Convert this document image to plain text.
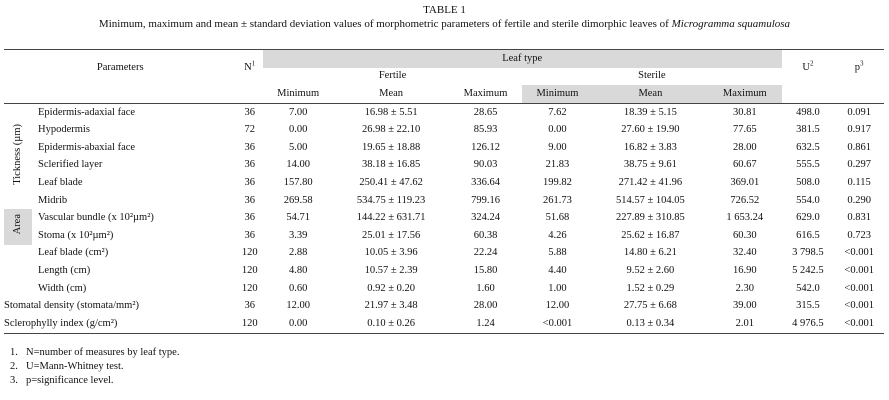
TABLE 1
Minimum, maximum and mean ± standard deviation values of morphometric parameters of fertile and sterile dimorphic leaves of Microgramma squamulosa
Parameters		$N^1$	Leaf type						$U^2$	$p^3$
			Fertile			Sterile				
			Minimum	Mean	Maximum	Minimum	Mean	Maximum		
Tickness (µm)	Epidermis-adaxial face	36	7.00	16.98 ± 5.51	28.65	7.62	18.39 ± 5.15	30.81	498.0	0.091
	Hypodermis	72	0.00	26.98 ± 22.10	85.93	0.00	27.60 ± 19.90	77.65	381.5	0.917
	Epidermis-abaxial face	36	5.00	19.65 ± 18.88	126.12	9.00	16.82 ± 3.83	28.00	632.5	0.861
	Sclerified layer	36	14.00	38.18 ± 16.85	90.03	21.83	38.75 ± 9.61	60.67	555.5	0.297
	Leaf blade	36	157.80	250.41 ± 47.62	336.64	199.82	271.42 ± 41.96	369.01	508.0	0.115
	Midrib	36	269.58	534.75 ± 119.23	799.16	261.73	514.57 ± 104.05	726.52	554.0	0.290
Area	Vascular bundle (x 10²µm²)	36	54.71	144.22 ± 631.71	324.24	51.68	227.89 ± 310.85	1 653.24	629.0	0.831
	Stoma (x 10²µm²)	36	3.39	25.01 ± 17.56	60.38	4.26	25.62 ± 16.87	60.30	616.5	0.723
	Leaf blade (cm²)	120	2.88	10.05 ± 3.96	22.24	5.88	14.80 ± 6.21	32.40	3 798.5	<0.001
	Length (cm)	120	4.80	10.57 ± 2.39	15.80	4.40	9.52 ± 2.60	16.90	5 242.5	<0.001
	Width (cm)	120	0.60	0.92 ± 0.20	1.60	1.00	1.52 ± 0.29	2.30	542.0	<0.001
Stomatal density (stomata/mm²)		36	12.00	21.97 ± 3.48	28.00	12.00	27.75 ± 6.68	39.00	315.5	<0.001
Sclerophylly index (g/cm²)		120	0.00	0.10 ± 0.26	1.24	<0.001	0.13 ± 0.34	2.01	4 976.5	<0.001
1. N=number of measures by leaf type.
2. U=Mann-Whitney test.
3. p=significance level.
